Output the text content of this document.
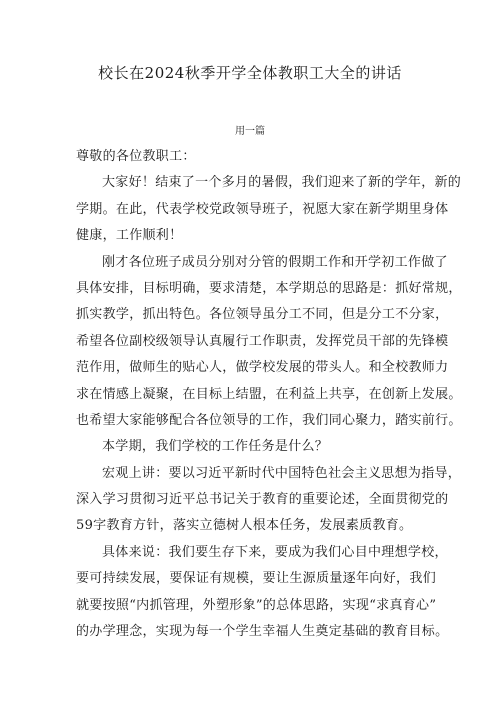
校长在2024秋季开学全体教职工大全的讲话
用一篇
尊敬的各位教职工：
大家好！结束了一个多月的暑假，我们迎来了新的学年，新的
学期。在此，代表学校党政领导班子，祝愿大家在新学期里身体
健康，工作顺利！
刚才各位班子成员分别对分管的假期工作和开学初工作做了
具体安排，目标明确，要求清楚，本学期总的思路是：抓好常规，
抓实教学，抓出特色。各位领导虽分工不同，但是分工不分家，
希望各位副校级领导认真履行工作职责，发挥党员干部的先锋模
范作用，做师生的贴心人，做学校发展的带头人。和全校教师力
求在情感上凝聚，在目标上结盟，在利益上共享，在创新上发展。
也希望大家能够配合各位领导的工作，我们同心聚力，踏实前行。
本学期，我们学校的工作任务是什么？
宏观上讲：要以习近平新时代中国特色社会主义思想为指导，
深入学习贯彻习近平总书记关于教育的重要论述，全面贯彻党的
59字教育方针，落实立德树人根本任务，发展素质教育。
具体来说：我们要生存下来，要成为我们心目中理想学校，
要可持续发展，要保证有规模，要让生源质量逐年向好，我们
就要按照“内抓管理，外塑形象”的总体思路，实现“求真育心”
的办学理念，实现为每一个学生幸福人生奠定基础的教育目标。
